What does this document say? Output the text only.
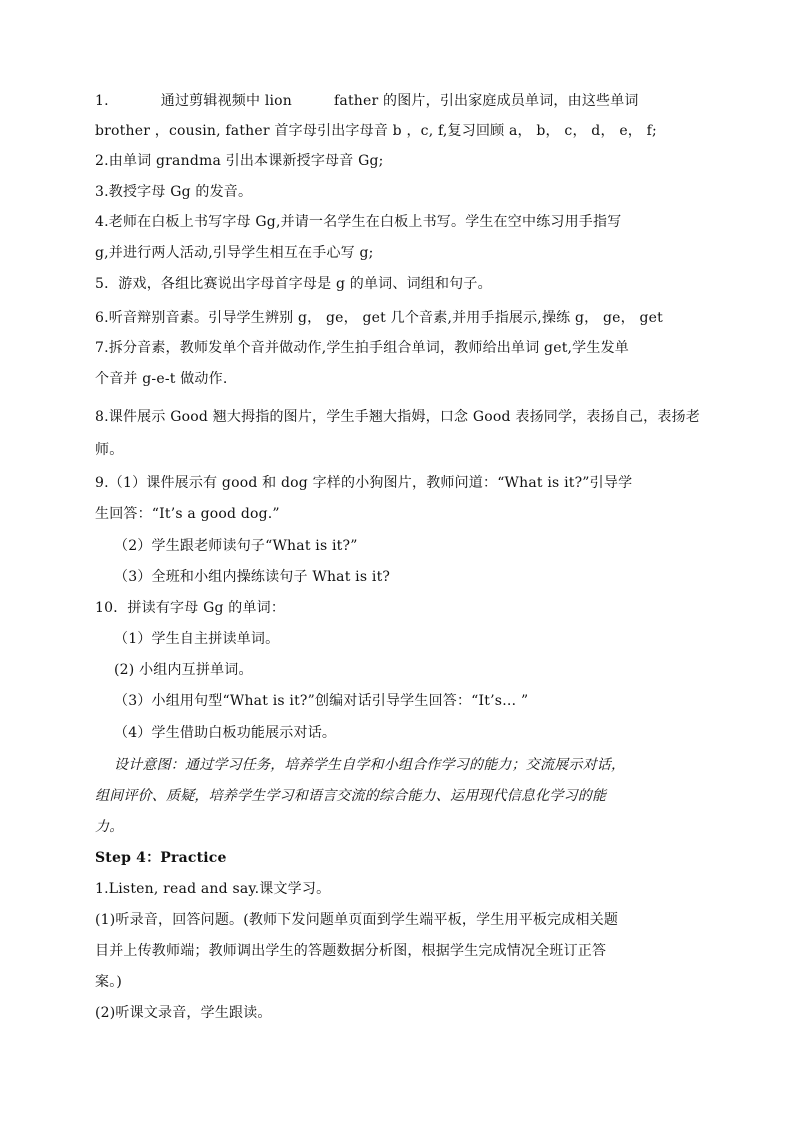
1.	通过剪辑视频中 lion	father 的图片，引出家庭成员单词，由这些单词
brother ，cousin, father 首字母引出字母音 b ，c, f,复习回顾 a， b， c， d， e， f;
2.由单词 grandma 引出本课新授字母音 Gg;
3.教授字母 Gg 的发音。
4.老师在白板上书写字母 Gg,并请一名学生在白板上书写。学生在空中练习用手指写
g,并进行两人活动,引导学生相互在手心写 g;
5．游戏，各组比赛说出字母首字母是 g 的单词、词组和句子。
6.听音辩别音素。引导学生辨别 g， ge， get 几个音素,并用手指展示,操练 g， ge， get
7.拆分音素，教师发单个音并做动作,学生拍手组合单词，教师给出单词 get,学生发单
个音并 g-e-t 做动作.
8.课件展示 Good 翘大拇指的图片，学生手翘大指姆，口念 Good 表扬同学，表扬自己，表扬老
师。
9.（1）课件展示有 good 和 dog 字样的小狗图片，教师问道：“What is it?”引导学
生回答：“It’s a good dog.”
（2）学生跟老师读句子“What is it?”
（3）全班和小组内操练读句子 What is it?
10．拼读有字母 Gg 的单词：
（1）学生自主拼读单词。
(2) 小组内互拼单词。
（3）小组用句型“What is it?”创编对话引导学生回答：“It’s… ”
（4）学生借助白板功能展示对话。
设计意图：通过学习任务，培养学生自学和小组合作学习的能力；交流展示对话，
组间评价、质疑，培养学生学习和语言交流的综合能力、运用现代信息化学习的能
力。
Step 4：Practice
1.Listen, read and say.课文学习。
(1)听录音，回答问题。(教师下发问题单页面到学生端平板，学生用平板完成相关题
目并上传教师端；教师调出学生的答题数据分析图，根据学生完成情况全班订正答
案。)
(2)听课文录音，学生跟读。
